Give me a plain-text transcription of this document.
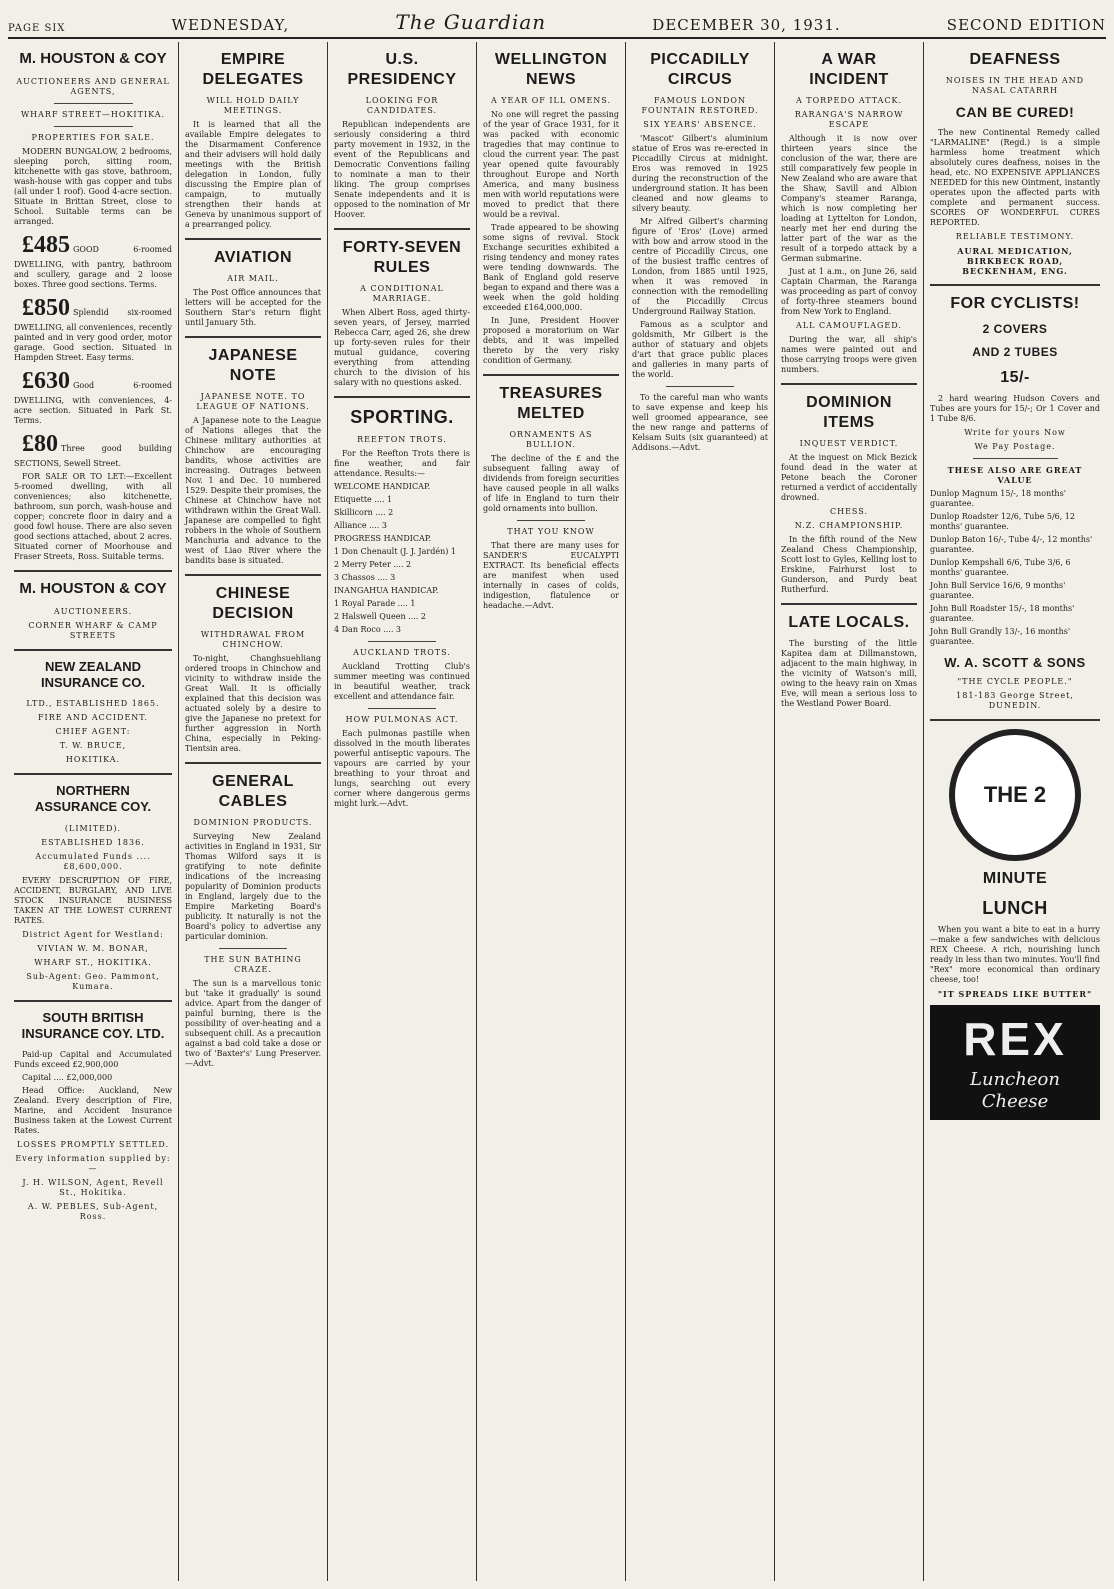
PAGE SIX	WEDNESDAY,	The Guardian	DECEMBER 30, 1931.	SECOND EDITION
M. HOUSTON & COY
AUCTIONEERS AND GENERAL AGENTS,
WHARF STREET—HOKITIKA.
PROPERTIES FOR SALE.

MODERN BUNGALOW, 2 bedrooms, sleeping porch, sitting room, kitchenette with gas stove, bathroom, wash-house with gas copper and tubs (all under 1 roof). Good 4-acre section. Situate in Brittan Street, close to School. Suitable terms can be arranged.

£485 GOOD 6-roomed DWELLING, with pantry, bathroom and scullery, garage and 2 loose boxes. Three good sections. Terms.

£850 Splendid six-roomed DWELLING, all conveniences, recently painted and in very good order, motor garage. Good section. Situated in Hampden Street. Easy terms.

£630 Good 6-roomed DWELLING, with conveniences, 4-acre section. Situated in Park St. Terms.

£80 Three good building SECTIONS, Sewell Street.

FOR SALE OR TO LET:—Excellent 5-roomed dwelling, with all conveniences; also kitchenette, bathroom, sun porch, wash-house and copper; concrete floor in dairy and a good fowl house. There are also seven good sections attached, about 2 acres. Situated corner of Moorhouse and Fraser Streets, Ross. Suitable terms.

M. HOUSTON & COY
AUCTIONEERS.
CORNER WHARF & CAMP STREETS
NEW ZEALAND INSURANCE CO.
LTD., ESTABLISHED 1865.
FIRE AND ACCIDENT.
CHIEF AGENT:
T. W. BRUCE,
HOKITIKA.
NORTHERN ASSURANCE COY.
(LIMITED).
ESTABLISHED 1836.
Accumulated Funds .... £8,600,000.

EVERY DESCRIPTION OF FIRE, ACCIDENT, BURGLARY, AND LIVE STOCK INSURANCE BUSINESS TAKEN AT THE LOWEST CURRENT RATES.

District Agent for Westland:
VIVIAN W. M. BONAR,
WHARF ST., HOKITIKA.
Sub-Agent: Geo. Pammont, Kumara.
SOUTH BRITISH INSURANCE COY. LTD.

Paid-up Capital and Accumulated Funds exceed £2,900,000

Capital .... £2,000,000

Head Office: Auckland, New Zealand. Every description of Fire, Marine, and Accident Insurance Business taken at the Lowest Current Rates.

LOSSES PROMPTLY SETTLED.
Every information supplied by:—
J. H. WILSON, Agent, Revell St., Hokitika.
A. W. PEBLES, Sub-Agent, Ross.
EMPIRE DELEGATES
WILL HOLD DAILY MEETINGS.

It is learned that all the available Empire delegates to the Disarmament Conference and their advisers will hold daily meetings with the British delegation in London, fully discussing the Empire plan of campaign, to mutually strengthen their hands at Geneva by unanimous support of a prearranged policy.

AVIATION
AIR MAIL.

The Post Office announces that letters will be accepted for the Southern Star's return flight until January 5th.

JAPANESE NOTE
JAPANESE NOTE. TO LEAGUE OF NATIONS.

A Japanese note to the League of Nations alleges that the Chinese military authorities at Chinchow are encouraging bandits, whose activities are increasing. Outrages between Nov. 1 and Dec. 10 numbered 1529. Despite their promises, the Chinese at Chinchow have not withdrawn within the Great Wall. Japanese are compelled to fight robbers in the whole of Southern Manchuria and advance to the west of Liao River where the bandits base is situated.

CHINESE DECISION
WITHDRAWAL FROM CHINCHOW.

To-night, Changhsuehliang ordered troops in Chinchow and vicinity to withdraw inside the Great Wall. It is officially explained that this decision was actuated solely by a desire to give the Japanese no pretext for further aggression in North China, especially in Peking-Tientsin area.

GENERAL CABLES
DOMINION PRODUCTS.

Surveying New Zealand activities in England in 1931, Sir Thomas Wilford says it is gratifying to note definite indications of the increasing popularity of Dominion products in England, largely due to the Empire Marketing Board's publicity. It naturally is not the Board's policy to advertise any particular dominion.

THE SUN BATHING CRAZE.

The sun is a marvellous tonic but 'take it gradually' is sound advice. Apart from the danger of painful burning, there is the possibility of over-heating and a subsequent chill. As a precaution against a bad cold take a dose or two of 'Baxter's' Lung Preserver.—Advt.

U.S. PRESIDENCY
LOOKING FOR CANDIDATES.

Republican independents are seriously considering a third party movement in 1932, in the event of the Republicans and Democratic Conventions failing to nominate a man to their liking. The group comprises Senate independents and it is opposed to the nomination of Mr Hoover.

FORTY-SEVEN RULES
A CONDITIONAL MARRIAGE.

When Albert Ross, aged thirty-seven years, of Jersey, married Rebecca Carr, aged 26, she drew up forty-seven rules for their mutual guidance, covering everything from attending church to the division of his salary with no questions asked.

SPORTING.
REEFTON TROTS.

For the Reefton Trots there is fine weather, and fair attendance. Results:—

WELCOME HANDICAP.
Etiquette .... 1
Skillicorn .... 2
Alliance .... 3
PROGRESS HANDICAP.
1 Don Chenault (J. J. Jardén) 1
2 Merry Peter .... 2
3 Chassos .... 3
INANGAHUA HANDICAP.
1 Royal Parade .... 1
2 Halswell Queen .... 2
4 Dan Roco .... 3
AUCKLAND TROTS.

Auckland Trotting Club's summer meeting was continued in beautiful weather, track excellent and attendance fair.

HOW PULMONAS ACT.

Each pulmonas pastille when dissolved in the mouth liberates powerful antiseptic vapours. The vapours are carried by your breathing to your throat and lungs, searching out every corner where dangerous germs might lurk.—Advt.

WELLINGTON NEWS
A YEAR OF ILL OMENS.

No one will regret the passing of the year of Grace 1931, for it was packed with economic tragedies that may continue to cloud the current year. The past year opened quite favourably throughout Europe and North America, and many business men with world reputations were moved to predict that there would be a revival.

Trade appeared to be showing some signs of revival. Stock Exchange securities exhibited a rising tendency and money rates were tending downwards. The Bank of England gold reserve began to expand and there was a week when the gold holding exceeded £164,000,000.

In June, President Hoover proposed a moratorium on War debts, and it was impelled thereto by the very risky condition of Germany.

TREASURES MELTED
ORNAMENTS AS BULLION.

The decline of the £ and the subsequent falling away of dividends from foreign securities have caused people in all walks of life in England to turn their gold ornaments into bullion.

THAT YOU KNOW

That there are many uses for SANDER'S EUCALYPTI EXTRACT. Its beneficial effects are manifest when used internally in cases of colds, indigestion, flatulence or headache.—Advt.

PICCADILLY CIRCUS
FAMOUS LONDON FOUNTAIN RESTORED.
SIX YEARS' ABSENCE.

'Mascot' Gilbert's aluminium statue of Eros was re-erected in Piccadilly Circus at midnight. Eros was removed in 1925 during the reconstruction of the underground station. It has been cleaned and now gleams to silvery beauty.

Mr Alfred Gilbert's charming figure of 'Eros' (Love) armed with bow and arrow stood in the centre of Piccadilly Circus, one of the busiest traffic centres of London, from 1885 until 1925, when it was removed in connection with the remodelling of the Piccadilly Circus Underground Railway Station.

Famous as a sculptor and goldsmith, Mr Gilbert is the author of statuary and objets d'art that grace public places and galleries in many parts of the world.

To the careful man who wants to save expense and keep his well groomed appearance, see the new range and patterns of Kelsam Suits (six guaranteed) at Addisons.—Advt.

A WAR INCIDENT
A TORPEDO ATTACK.
RARANGA'S NARROW ESCAPE

Although it is now over thirteen years since the conclusion of the war, there are still comparatively few people in New Zealand who are aware that the Shaw, Savill and Albion Company's steamer Raranga, which is now completing her loading at Lyttelton for London, nearly met her end during the latter part of the war as the result of a torpedo attack by a German submarine.

Just at 1 a.m., on June 26, said Captain Charman, the Raranga was proceeding as part of convoy of forty-three steamers bound from New York to England.

ALL CAMOUFLAGED.

During the war, all ship's names were painted out and those carrying troops were given numbers.

DOMINION ITEMS
INQUEST VERDICT.

At the inquest on Mick Bezick found dead in the water at Petone beach the Coroner returned a verdict of accidentally drowned.

CHESS.
N.Z. CHAMPIONSHIP.

In the fifth round of the New Zealand Chess Championship, Scott lost to Gyles, Kelling lost to Erskine, Fairhurst lost to Gunderson, and Purdy beat Rutherfurd.

LATE LOCALS.

The bursting of the little Kapitea dam at Dillmanstown, adjacent to the main highway, in the vicinity of Watson's mill, owing to the heavy rain on Xmas Eve, will mean a serious loss to the Westland Power Board.

DEAFNESS
NOISES IN THE HEAD AND NASAL CATARRH
CAN BE CURED!

The new Continental Remedy called "LARMALINE" (Regd.) is a simple harmless home treatment which absolutely cures deafness, noises in the head, etc. NO EXPENSIVE APPLIANCES NEEDED for this new Ointment, instantly operates upon the affected parts with complete and permanent success. SCORES OF WONDERFUL CURES REPORTED.

RELIABLE TESTIMONY.
AURAL MEDICATION, BIRKBECK ROAD, BECKENHAM, ENG.
FOR CYCLISTS!
2 COVERS
AND 2 TUBES
15/-

2 hard wearing Hudson Covers and Tubes are yours for 15/-; Or 1 Cover and 1 Tube 8/6.

Write for yours Now
We Pay Postage.
THESE ALSO ARE GREAT VALUE
Dunlop Magnum 15/-, 18 months' guarantee.
Dunlop Roadster 12/6, Tube 5/6, 12 months' guarantee.
Dunlop Baton 16/-, Tube 4/-, 12 months' guarantee.
Dunlop Kempshall 6/6, Tube 3/6, 6 months' guarantee.
John Bull Service 16/6, 9 months' guarantee.
John Bull Roadster 15/-, 18 months' guarantee.
John Bull Grandly 13/-, 16 months' guarantee.
W. A. SCOTT & SONS
"THE CYCLE PEOPLE."
181-183 George Street, DUNEDIN.
THE 2
MINUTE
LUNCH

When you want a bite to eat in a hurry—make a few sandwiches with delicious REX Cheese. A rich, nourishing lunch ready in less than two minutes. You'll find "Rex" more economical than ordinary cheese, too!

"IT SPREADS LIKE BUTTER"
REX
Luncheon Cheese
